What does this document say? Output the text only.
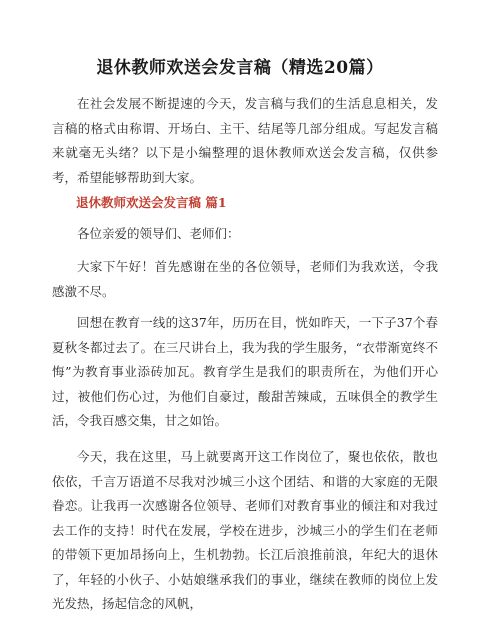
退休教师欢送会发言稿（精选20篇）

在社会发展不断提速的今天，发言稿与我们的生活息息相关，发言稿的格式由称谓、开场白、主干、结尾等几部分组成。写起发言稿来就毫无头绪？以下是小编整理的退休教师欢送会发言稿，仅供参考，希望能够帮助到大家。

退休教师欢送会发言稿 篇1

各位亲爱的领导们、老师们：

大家下午好！首先感谢在坐的各位领导，老师们为我欢送，令我感激不尽。

回想在教育一线的这37年，历历在目，恍如昨天，一下子37个春夏秋冬都过去了。在三尺讲台上，我为我的学生服务，“衣带渐宽终不悔”为教育事业添砖加瓦。教育学生是我们的职责所在，为他们开心过，被他们伤心过，为他们自豪过，酸甜苦辣咸，五味俱全的教学生活，令我百感交集，甘之如饴。

今天，我在这里，马上就要离开这工作岗位了，聚也依依，散也依依，千言万语道不尽我对沙城三小这个团结、和谐的大家庭的无限眷恋。让我再一次感谢各位领导、老师们对教育事业的倾注和对我过去工作的支持！时代在发展，学校在进步，沙城三小的学生们在老师的带领下更加昂扬向上，生机勃勃。长江后浪推前浪，年纪大的退休了，年轻的小伙子、小姑娘继承我们的事业，继续在教师的岗位上发光发热，扬起信念的风帆，
